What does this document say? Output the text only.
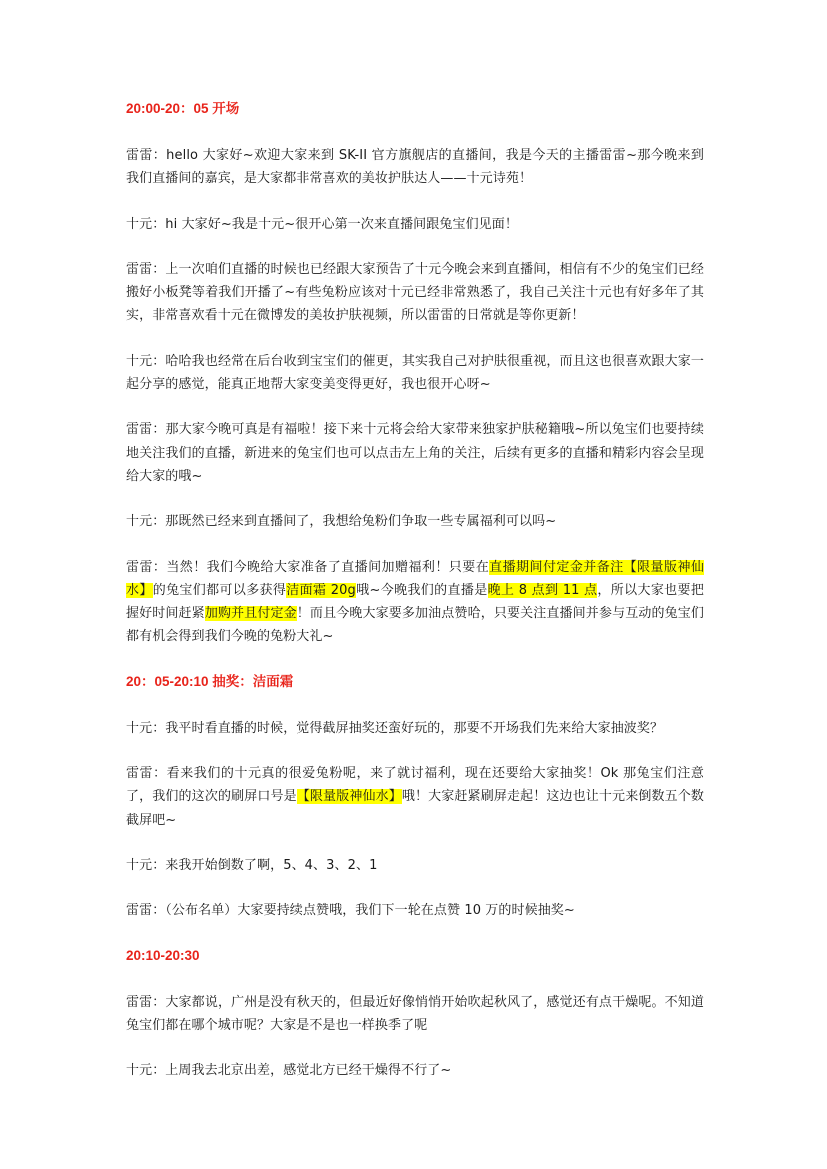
20:00-20：05 开场
雷雷：hello 大家好~欢迎大家来到 SK-II 官方旗舰店的直播间，我是今天的主播雷雷~那今晚来到我们直播间的嘉宾，是大家都非常喜欢的美妆护肤达人——十元诗苑！
十元：hi 大家好~我是十元~很开心第一次来直播间跟兔宝们见面！
雷雷：上一次咱们直播的时候也已经跟大家预告了十元今晚会来到直播间，相信有不少的兔宝们已经搬好小板凳等着我们开播了~有些兔粉应该对十元已经非常熟悉了，我自己关注十元也有好多年了其实，非常喜欢看十元在微博发的美妆护肤视频，所以雷雷的日常就是等你更新！
十元：哈哈我也经常在后台收到宝宝们的催更，其实我自己对护肤很重视，而且这也很喜欢跟大家一起分享的感觉，能真正地帮大家变美变得更好，我也很开心呀~
雷雷：那大家今晚可真是有福啦！接下来十元将会给大家带来独家护肤秘籍哦~所以兔宝们也要持续地关注我们的直播，新进来的兔宝们也可以点击左上角的关注，后续有更多的直播和精彩内容会呈现给大家的哦~
十元：那既然已经来到直播间了，我想给兔粉们争取一些专属福利可以吗~
雷雷：当然！我们今晚给大家准备了直播间加赠福利！只要在直播期间付定金并备注【限量版神仙水】的兔宝们都可以多获得洁面霜 20g哦~今晚我们的直播是晚上 8 点到 11 点，所以大家也要把握好时间赶紧加购并且付定金！而且今晚大家要多加油点赞哈，只要关注直播间并参与互动的兔宝们都有机会得到我们今晚的兔粉大礼~
20：05-20:10 抽奖：洁面霜
十元：我平时看直播的时候，觉得截屏抽奖还蛮好玩的，那要不开场我们先来给大家抽波奖？
雷雷：看来我们的十元真的很爱兔粉呢，来了就讨福利，现在还要给大家抽奖！Ok 那兔宝们注意了，我们的这次的刷屏口号是【限量版神仙水】哦！大家赶紧刷屏走起！这边也让十元来倒数五个数截屏吧~
十元：来我开始倒数了啊，5、4、3、2、1
雷雷：（公布名单）大家要持续点赞哦，我们下一轮在点赞 10 万的时候抽奖~
20:10-20:30
雷雷：大家都说，广州是没有秋天的，但最近好像悄悄开始吹起秋风了，感觉还有点干燥呢。不知道兔宝们都在哪个城市呢？大家是不是也一样换季了呢
十元：上周我去北京出差，感觉北方已经干燥得不行了~
